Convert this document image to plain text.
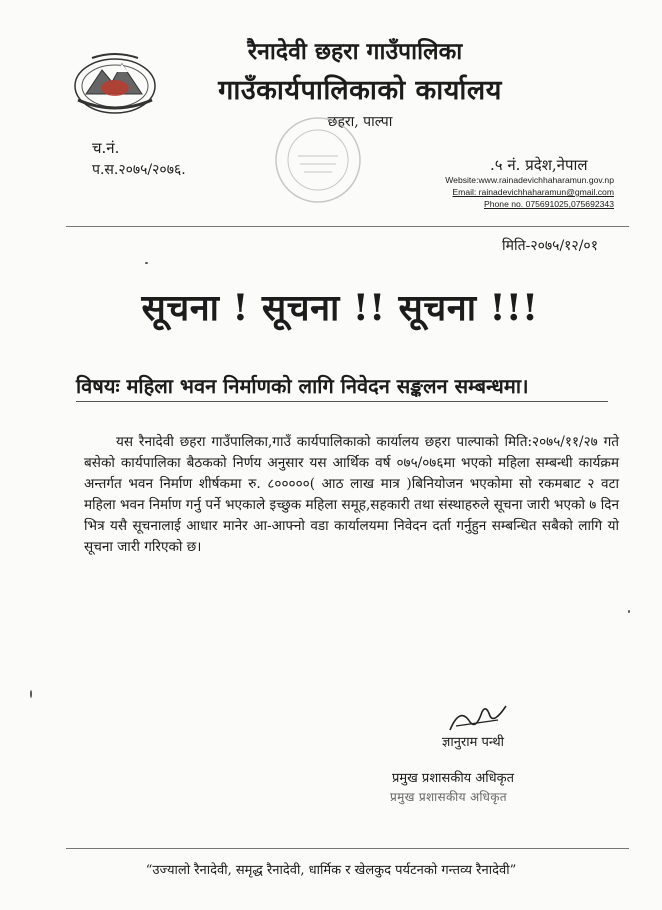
रैनादेवी छहरा गाउँपालिका
गाउँकार्यपालिकाको कार्यालय
छहरा, पाल्पा
च.नं.
प.स.२०७५/२०७६.	.५ नं. प्रदेश,नेपाल
Website:www.rainadevichhaharamun.gov.np
Email: rainadevichhaharamun@gmail.com
Phone no. 075691025,075692343
मिति-२०७५/१२/०१
सूचना ! सूचना !! सूचना !!!
विषयः महिला भवन निर्माणको लागि निवेदन सङ्कलन सम्बन्धमा।

यस रैनादेवी छहरा गाउँपालिका,गाउँ कार्यपालिकाको कार्यालय छहरा पाल्पाको मिति:२०७५/११/२७ गते बसेको कार्यपालिका बैठकको निर्णय अनुसार यस आर्थिक वर्ष ०७५/०७६मा भएको महिला सम्बन्धी कार्यक्रम अन्तर्गत भवन निर्माण शीर्षकमा रु. ८०००००( आठ लाख मात्र )बिनियोजन भएकोमा सो रकमबाट २ वटा महिला भवन निर्माण गर्नु पर्ने भएकाले इच्छुक महिला समूह,सहकारी तथा संस्थाहरुले सूचना जारी भएको ७ दिन भित्र यसै सूचनालाई आधार मानेर आ-आफ्नो वडा कार्यालयमा निवेदन दर्ता गर्नुहुन सम्बन्धित सबैको लागि यो सूचना जारी गरिएको छ।

ज्ञानुराम पन्थी
प्रमुख प्रशासकीय अधिकृत
प्रमुख प्रशासकीय अधिकृत
“उज्यालो रैनादेवी, समृद्ध रैनादेवी, धार्मिक र खेलकुद पर्यटनको गन्तव्य रैनादेवी”
